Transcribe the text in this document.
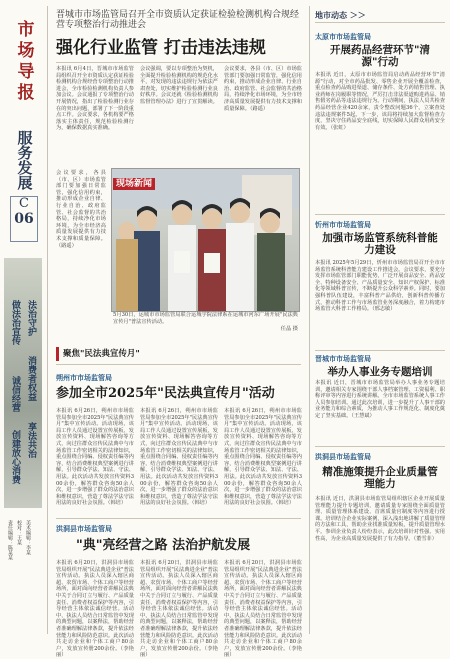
市场导报
服务发展
C
06
做法治宣传
诚信经营
法治守护
消费者权益
创建放心消费 享法共治
责任编辑：陈某某 校对：王某 美术编辑：李某
晋城市市场监管局召开全市资质认定获证检验检测机构合规经营专项整治行动推进会
强化行业监管 打击违法违规
本报讯 6月4日，晋城市市场监管局组织召开全市资质认定获证检验检测机构合规经营专项整治行动推进会，全市检验检测机构负责人参加会议。会议通报了专项整治行动开展情况，指出了检验检测行业存在的突出问题，部署了下一阶段重点工作。会议要求，各机构要严格落实主体责任，规范检验检测行为，确保数据真实准确。
会议强调，要以专项整治为契机，全面提升检验检测机构的规范化水平，对发现的违法违规行为依法严肃查处，切实维护检验检测行业良好秩序。会议还就《检验检测机构监督管理办法》进行了宣贯解读。
会议要求，各县（市、区）市场监管部门要加强日常监管，强化信用约束，推动形成企业自律、行业自治、政府监管、社会监督的共治格局，持续净化市场环境，为全市经济高质量发展提供有力技术支撑和质量保障。（路遥）
会议要求，各县（市、区）市场监管部门要加强日常监管，强化信用约束，推动形成企业自律、行业自治、政府监管、社会监督的共治格局，持续净化市场环境，为全市经济高质量发展提供有力技术支撑和质量保障。（路遥）
现场新闻
5月30日，运城市市场监管局联合运城学院法律系在运城市河东广场开展"民法典宣传月"普法宣传活动。
任晶 摄
聚焦"民法典宣传月"
朔州市市场监管局
参加全市2025年"民法典宣传月"活动
本报讯 6月26日，朔州市市场监管局参加全市2025年"民法典宣传月"集中宣传活动。活动现场，该局工作人员通过设置宣传展板、发放宣传资料、现场解答咨询等方式，向过往群众宣传民法典中与市场监管工作密切相关的法律知识，重点围绕合同编、侵权责任编等内容，结合消费维权典型案例进行讲解，引导群众学法、知法、守法、用法。此次活动共发放宣传资料300余份，解答群众咨询50余人次，进一步增强了群众的法治意识和维权意识，营造了尊法学法守法用法的良好社会氛围。（韩培）
本报讯 6月26日，朔州市市场监管局参加全市2025年"民法典宣传月"集中宣传活动。活动现场，该局工作人员通过设置宣传展板、发放宣传资料、现场解答咨询等方式，向过往群众宣传民法典中与市场监管工作密切相关的法律知识，重点围绕合同编、侵权责任编等内容，结合消费维权典型案例进行讲解，引导群众学法、知法、守法、用法。此次活动共发放宣传资料300余份，解答群众咨询50余人次，进一步增强了群众的法治意识和维权意识，营造了尊法学法守法用法的良好社会氛围。（韩培）
本报讯 6月26日，朔州市市场监管局参加全市2025年"民法典宣传月"集中宣传活动。活动现场，该局工作人员通过设置宣传展板、发放宣传资料、现场解答咨询等方式，向过往群众宣传民法典中与市场监管工作密切相关的法律知识，重点围绕合同编、侵权责任编等内容，结合消费维权典型案例进行讲解，引导群众学法、知法、守法、用法。此次活动共发放宣传资料300余份，解答群众咨询50余人次，进一步增强了群众的法治意识和维权意识，营造了尊法学法守法用法的良好社会氛围。（韩培）
洪洞县市场监管局
"典"亮经营之路 法治护航发展
本报讯 6月20日，洪洞县市场监管局组织开展"民法典进企业"普法宣传活动。执法人员深入辖区商超、农贸市场、个体工商户等经营场所，面对面向经营者讲解民法典中关于合同订立与履行、产品质量责任、消费者权益保护等内容，引导经营主体依法诚信经营。活动中，执法人员结合日常监管中发现的典型问题，以案释法，帮助经营者准确理解法律条款，提升依法经营能力和风险防范意识。此次活动共走访企业和个体工商户80余户，发放宣传册200余份。（李艳丽）
本报讯 6月20日，洪洞县市场监管局组织开展"民法典进企业"普法宣传活动。执法人员深入辖区商超、农贸市场、个体工商户等经营场所，面对面向经营者讲解民法典中关于合同订立与履行、产品质量责任、消费者权益保护等内容，引导经营主体依法诚信经营。活动中，执法人员结合日常监管中发现的典型问题，以案释法，帮助经营者准确理解法律条款，提升依法经营能力和风险防范意识。此次活动共走访企业和个体工商户80余户，发放宣传册200余份。（李艳丽）
本报讯 6月20日，洪洞县市场监管局组织开展"民法典进企业"普法宣传活动。执法人员深入辖区商超、农贸市场、个体工商户等经营场所，面对面向经营者讲解民法典中关于合同订立与履行、产品质量责任、消费者权益保护等内容，引导经营主体依法诚信经营。活动中，执法人员结合日常监管中发现的典型问题，以案释法，帮助经营者准确理解法律条款，提升依法经营能力和风险防范意识。此次活动共走访企业和个体工商户80余户，发放宣传册200余份。（李艳丽）
地市动态 ＞＞
太原市市场监管局
开展药品经营环节"清源"行动
本报讯 近日，太原市市场监管局启动药品经营环节"清源"行动，对全市药品批发、零售企业开展全覆盖检查，重点检查药品购进渠道、储存条件、处方药销售管理、执业药师在岗履职等情况，严厉打击非法渠道购进药品、销售假劣药品等违法违规行为。行动期间，执法人员共检查药品经营企业420余家，责令整改问题36个，立案查处违法违规案件5起。下一步，该局将持续加大监督检查力度，坚决守住药品安全底线，切实保障人民群众用药安全有效。（张虹）
忻州市市场监管局
加强市场监管系统科普能力建设
本报讯 2025年5月29日，忻州市市场监管局召开全市市场监管系统科普能力建设工作推进会。会议要求，要充分发挥市场监管部门职能优势，广泛开展食品安全、药品安全、特种设备安全、产品质量安全、知识产权保护、标准化等领域科普宣传，不断提升公众科学素养。同时，要加强科普队伍建设，丰富科普产品供给，创新科普传播方式，推动科普工作与市场监管业务深度融合，着力构建市场监管大科普工作格局。（邢志敏）
晋城市市场监管局
举办人事业务专题培训
本报讯 近日，晋城市市场监管局举办人事业务专题培训，邀请相关专家围绕干部人事档案管理、工资福利、职称评审等内容进行系统讲解。全市市场监管系统人事工作人员参加培训。通过此次培训，进一步提升了人事干部的业务能力和综合素质，为推动人事工作规范化、制度化奠定了坚实基础。（王慧斌）
洪洞县市场监管局
精准施策提升企业质量管理能力
本报讯 近日，洪洞县市场监管局组织辖区企业开展质量管理能力提升专题培训，邀请质量专家围绕全面质量管理、质量管理体系建设、首席质量官制度等内容进行授课。培训结合企业实际案例，深入浅出地讲解了质量管理的方法和工具，帮助企业找准质量短板，提升质量管理水平。参训企业负责人纷纷表示，此次培训针对性强、实用性高，为企业高质量发展提供了有力指导。（董雪菲）
